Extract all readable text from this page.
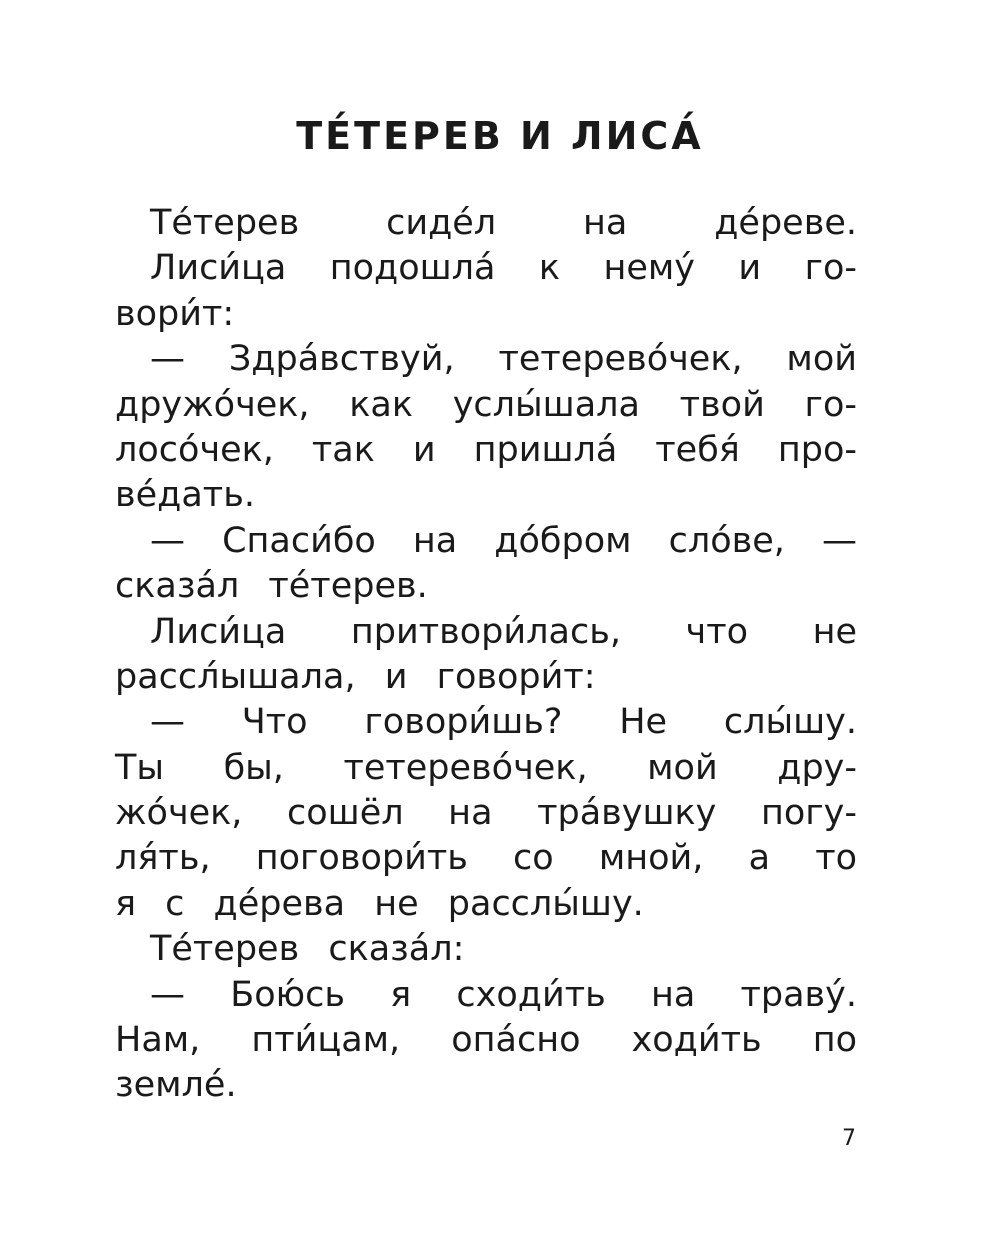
ТЕ́ТЕРЕВ И ЛИСА́
Те́терев сиде́л на де́реве.
Лиси́ца подошла́ к нему́ и го-
вори́т:
— Здра́вствуй, тетерево́чек, мой
дружо́чек, как услы́шала твой го-
лосо́чек, так и пришла́ тебя́ про-
ве́дать.
— Спаси́бо на до́бром сло́ве, —
сказа́л те́терев.
Лиси́ца притвори́лась, что не
рассл́ышала, и говори́т:
— Что говори́шь? Не слы́шу.
Ты бы, тетерево́чек, мой дру-
жо́чек, сошёл на тра́вушку погу-
ля́ть, поговори́ть со мной, а то
я с де́рева не расслы́шу.
Те́терев сказа́л:
— Бою́сь я сходи́ть на траву́.
Нам, пти́цам, опа́сно ходи́ть по
земле́.
7
